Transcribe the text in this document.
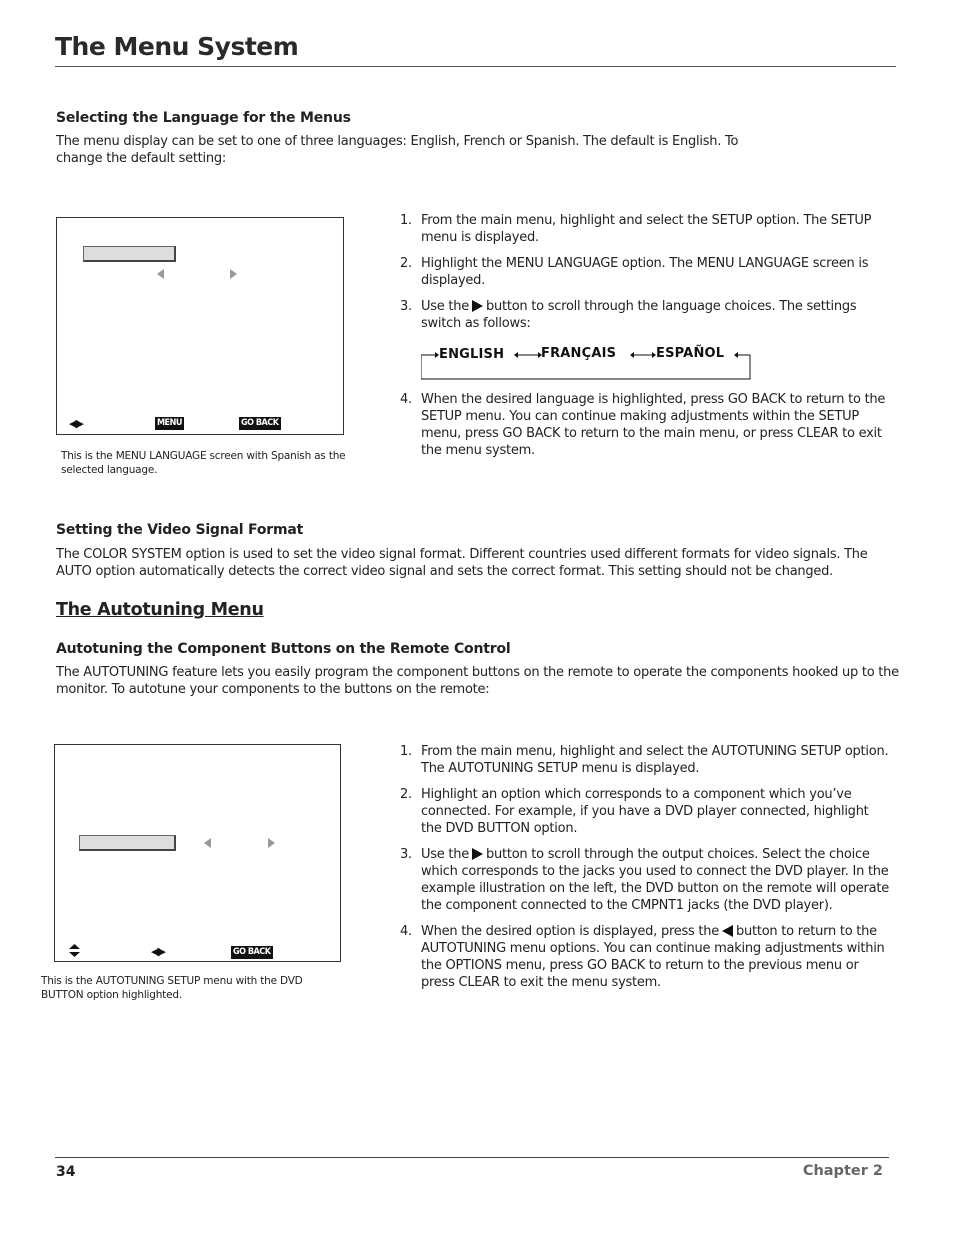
The Menu System
Selecting the Language for the Menus
The menu display can be set to one of three languages: English, French or Spanish. The default is English. To
change the default setting:
◀▶	MENU	GO BACK
This is the MENU LANGUAGE screen with Spanish as the
selected language.
1. From the main menu, highlight and select the SETUP option. The SETUP menu is displayed.
2. Highlight the MENU LANGUAGE option. The MENU LANGUAGE screen is displayed.
3. Use the button to scroll through the language choices. The settings switch as follows:
ENGLISH	FRANÇAIS	ESPAÑOL
4. When the desired language is highlighted, press GO BACK to return to the SETUP menu. You can continue making adjustments within the SETUP menu, press GO BACK to return to the main menu, or press CLEAR to exit the menu system.
Setting the Video Signal Format
The COLOR SYSTEM option is used to set the video signal format. Different countries used different formats for video signals. The
AUTO option automatically detects the correct video signal and sets the correct format. This setting should not be changed.
The Autotuning Menu
Autotuning the Component Buttons on the Remote Control
The AUTOTUNING feature lets you easily program the component buttons on the remote to operate the components hooked up to the
monitor. To autotune your components to the buttons on the remote:
◀▶	GO BACK
This is the AUTOTUNING SETUP menu with the DVD
BUTTON option highlighted.
1. From the main menu, highlight and select the AUTOTUNING SETUP option. The AUTOTUNING SETUP menu is displayed.
2. Highlight an option which corresponds to a component which you’ve connected. For example, if you have a DVD player connected, highlight the DVD BUTTON option.
3. Use the button to scroll through the output choices. Select the choice which corresponds to the jacks you used to connect the DVD player. In the example illustration on the left, the DVD button on the remote will operate the component connected to the CMPNT1 jacks (the DVD player).
4. When the desired option is displayed, press the button to return to the AUTOTUNING menu options. You can continue making adjustments within the OPTIONS menu, press GO BACK to return to the previous menu or press CLEAR to exit the menu system.
34	Chapter 2
